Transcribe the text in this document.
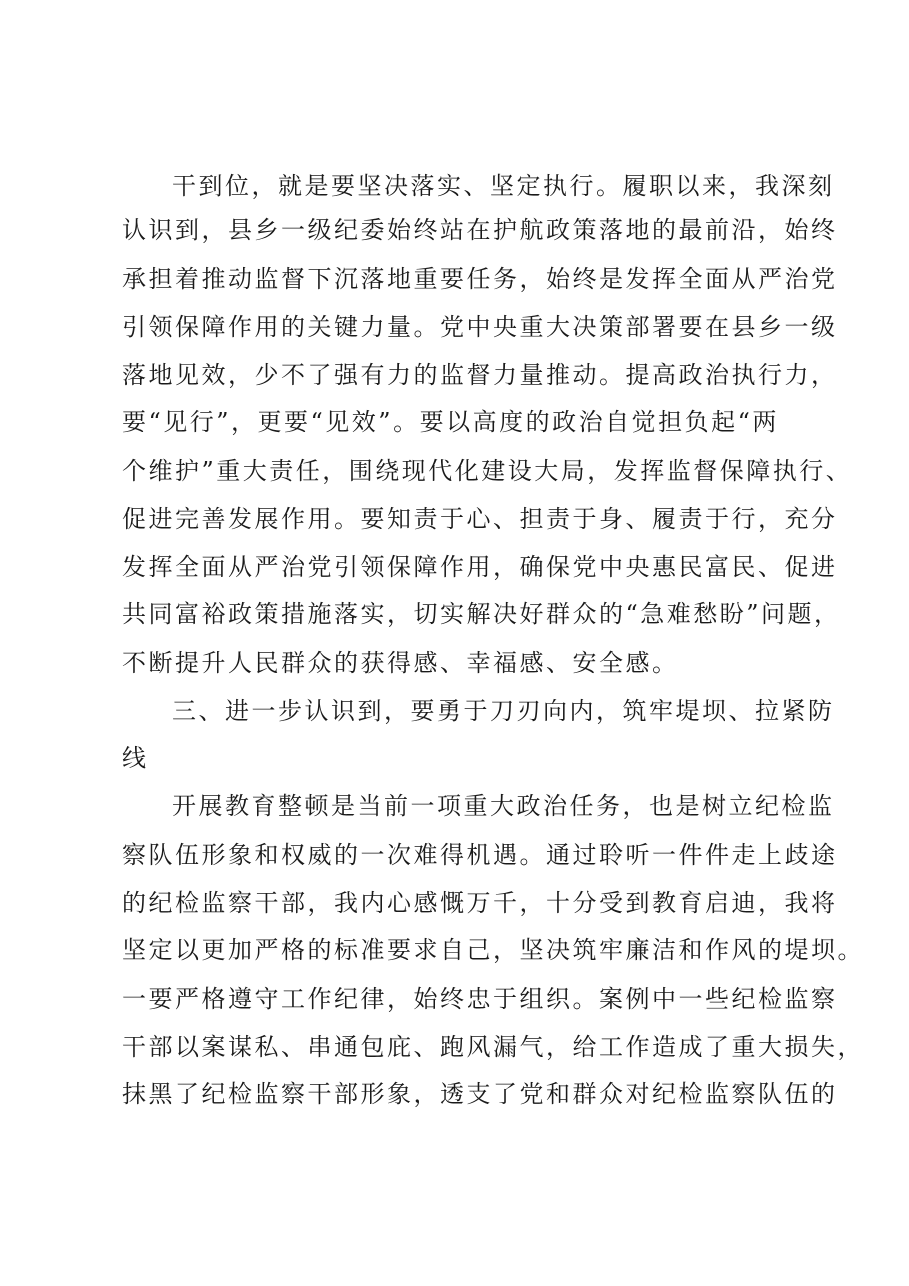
干到位，就是要坚决落实、坚定执行。履职以来，我深刻
认识到，县乡一级纪委始终站在护航政策落地的最前沿，始终
承担着推动监督下沉落地重要任务，始终是发挥全面从严治党
引领保障作用的关键力量。党中央重大决策部署要在县乡一级
落地见效，少不了强有力的监督力量推动。提高政治执行力，
要“见行”，更要“见效”。要以高度的政治自觉担负起“两
个维护”重大责任，围绕现代化建设大局，发挥监督保障执行、
促进完善发展作用。要知责于心、担责于身、履责于行，充分
发挥全面从严治党引领保障作用，确保党中央惠民富民、促进
共同富裕政策措施落实，切实解决好群众的“急难愁盼”问题，
不断提升人民群众的获得感、幸福感、安全感。
三、进一步认识到，要勇于刀刃向内，筑牢堤坝、拉紧防
线
开展教育整顿是当前一项重大政治任务，也是树立纪检监
察队伍形象和权威的一次难得机遇。通过聆听一件件走上歧途
的纪检监察干部，我内心感慨万千，十分受到教育启迪，我将
坚定以更加严格的标准要求自己，坚决筑牢廉洁和作风的堤坝。
一要严格遵守工作纪律，始终忠于组织。案例中一些纪检监察
干部以案谋私、串通包庇、跑风漏气，给工作造成了重大损失，
抹黑了纪检监察干部形象，透支了党和群众对纪检监察队伍的
